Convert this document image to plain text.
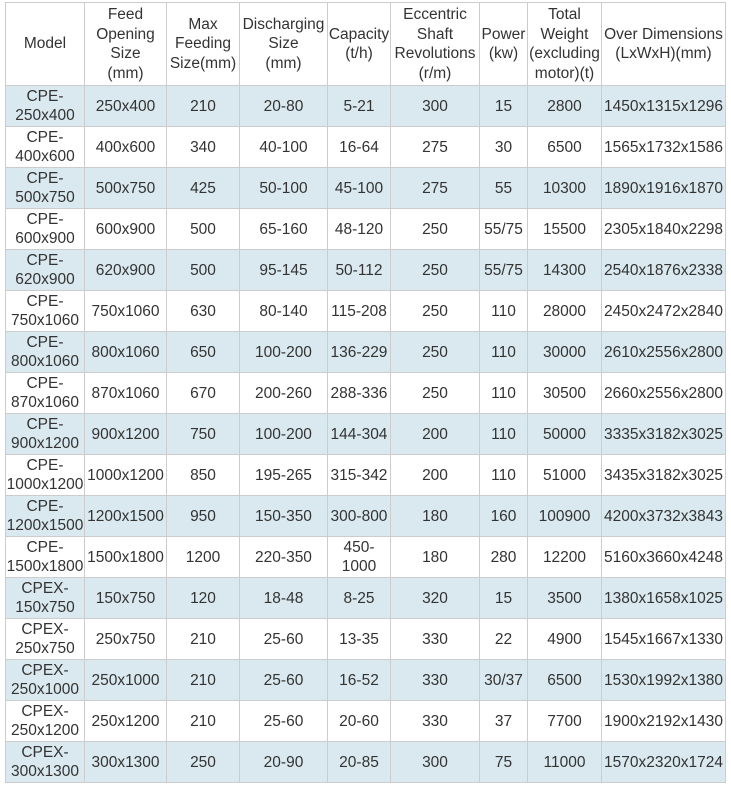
Model	Feed
Opening
Size
(mm)	Max
Feeding
Size(mm)	Discharging
Size
(mm)	Capacity
(t/h)	Eccentric
Shaft
Revolutions
(r/m)	Power
(kw)	Total
Weight
(excluding
motor)(t)	Over Dimensions
(LxWxH)(mm)

CPE-
250x400	250x400	210	20-80	5-21	300	15	2800	1450x1315x1296

CPE-
400x600	400x600	340	40-100	16-64	275	30	6500	1565x1732x1586

CPE-
500x750	500x750	425	50-100	45-100	275	55	10300	1890x1916x1870

CPE-
600x900	600x900	500	65-160	48-120	250	55/75	15500	2305x1840x2298

CPE-
620x900	620x900	500	95-145	50-112	250	55/75	14300	2540x1876x2338

CPE-
750x1060	750x1060	630	80-140	115-208	250	110	28000	2450x2472x2840

CPE-
800x1060	800x1060	650	100-200	136-229	250	110	30000	2610x2556x2800

CPE-
870x1060	870x1060	670	200-260	288-336	250	110	30500	2660x2556x2800

CPE-
900x1200	900x1200	750	100-200	144-304	200	110	50000	3335x3182x3025

CPE-
1000x1200	1000x1200	850	195-265	315-342	200	110	51000	3435x3182x3025

CPE-
1200x1500	1200x1500	950	150-350	300-800	180	160	100900	4200x3732x3843

CPE-
1500x1800	1500x1800	1200	220-350	450-
1000	180	280	12200	5160x3660x4248

CPEX-
150x750	150x750	120	18-48	8-25	320	15	3500	1380x1658x1025

CPEX-
250x750	250x750	210	25-60	13-35	330	22	4900	1545x1667x1330

CPEX-
250x1000	250x1000	210	25-60	16-52	330	30/37	6500	1530x1992x1380

CPEX-
250x1200	250x1200	210	25-60	20-60	330	37	7700	1900x2192x1430

CPEX-
300x1300	300x1300	250	20-90	20-85	300	75	11000	1570x2320x1724
